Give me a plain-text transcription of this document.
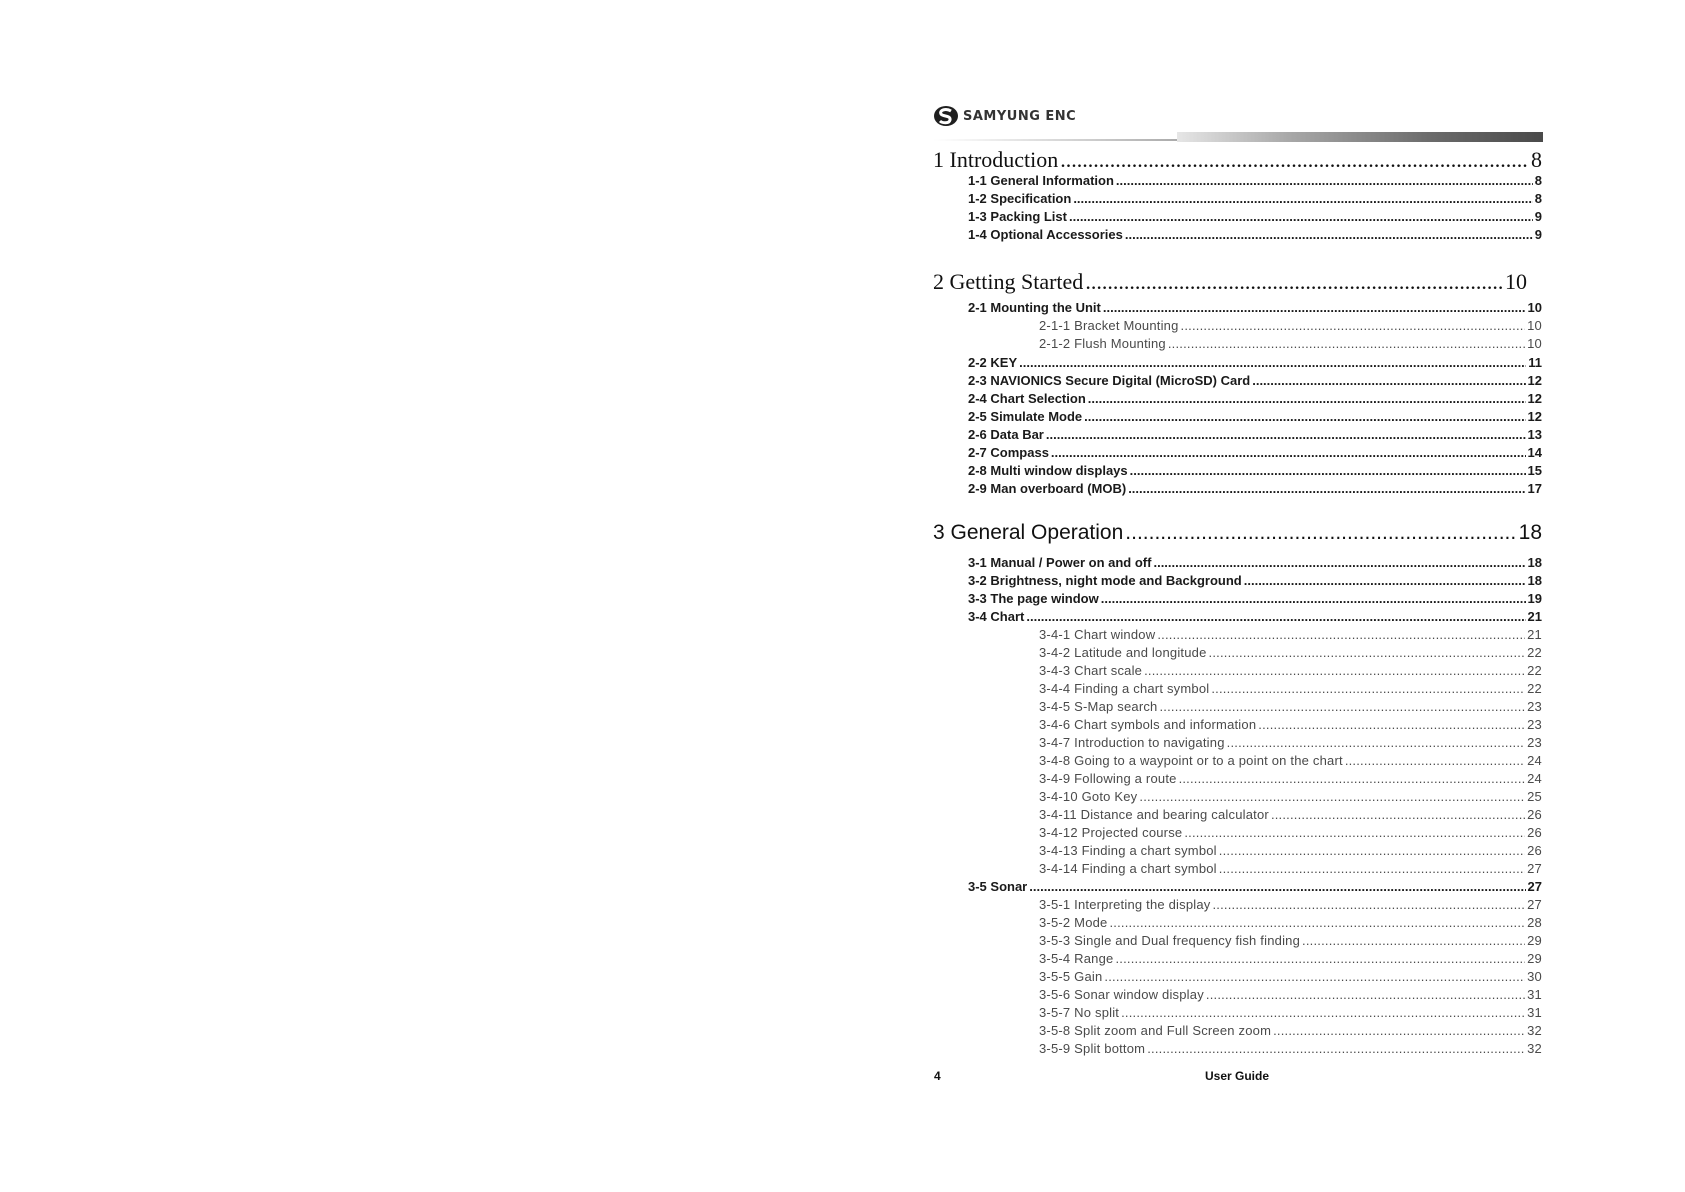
SAMYUNG ENC
1 Introduction .....	8
1-1 General Information .....	8
1-2 Specification .....	8
1-3 Packing List .....	9
1-4 Optional Accessories .....	9
2 Getting Started .....	10
2-1 Mounting the Unit .....	10
2-1-1 Bracket Mounting .....	10
2-1-2 Flush Mounting .....	10
2-2 KEY .....	11
2-3 NAVIONICS Secure Digital (MicroSD) Card .....	12
2-4 Chart Selection .....	12
2-5 Simulate Mode .....	12
2-6 Data Bar .....	13
2-7 Compass .....	14
2-8 Multi window displays .....	15
2-9 Man overboard (MOB) .....	17
3 General Operation .....	18
3-1 Manual / Power on and off .....	18
3-2 Brightness, night mode and Background .....	18
3-3 The page window .....	19
3-4 Chart .....	21
3-4-1 Chart window .....	21
3-4-2 Latitude and longitude .....	22
3-4-3 Chart scale .....	22
3-4-4 Finding a chart symbol .....	22
3-4-5 S-Map search .....	23
3-4-6 Chart symbols and information .....	23
3-4-7 Introduction to navigating .....	23
3-4-8 Going to a waypoint or to a point on the chart .....	24
3-4-9 Following a route .....	24
3-4-10 Goto Key .....	25
3-4-11 Distance and bearing calculator .....	26
3-4-12 Projected course .....	26
3-4-13 Finding a chart symbol .....	26
3-4-14 Finding a chart symbol .....	27
3-5 Sonar .....	27
3-5-1 Interpreting the display .....	27
3-5-2 Mode .....	28
3-5-3 Single and Dual frequency fish finding .....	29
3-5-4 Range .....	29
3-5-5 Gain .....	30
3-5-6 Sonar window display .....	31
3-5-7 No split .....	31
3-5-8 Split zoom and Full Screen zoom .....	32
3-5-9 Split bottom .....	32
4	User Guide
